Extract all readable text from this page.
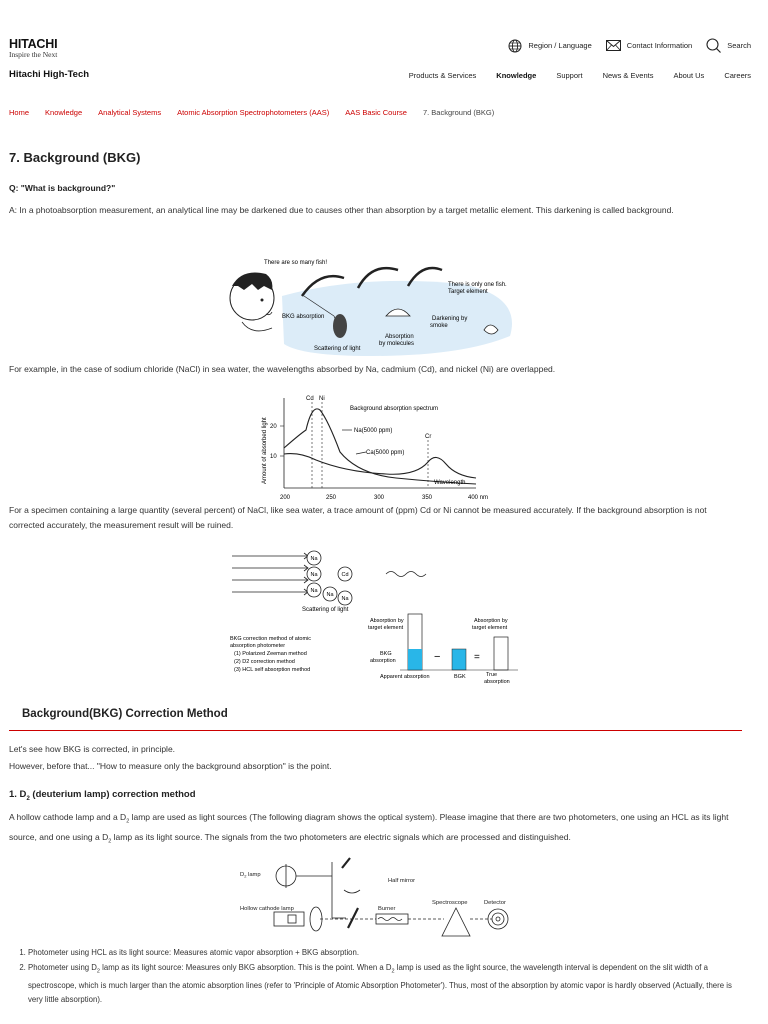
HITACHI
Inspire the Next
Hitachi High-Tech
Region / Language	Contact Information	Search
Products & Services	Knowledge	Support	News & Events	About Us	Careers
Home Knowledge Analytical Systems Atomic Absorption Spectrophotometers (AAS) AAS Basic Course 7. Background (BKG)
7. Background (BKG)
Q: "What is background?"
A: In a photoabsorption measurement, an analytical line may be darkened due to causes other than absorption by a target metallic element. This darkening is called background.
There are so many fish!
There is only one fish.
Target element
BKG absorption	Darkening by
smoke
Absorption
by molecules
Scattering of light
For example, in the case of sodium chloride (NaCl) in sea water, the wavelengths absorbed by Na, cadmium (Cd), and nickel (Ni) are overlapped.
20
10
Amount of absorbed light
200	250	300	350	400 nm
Cd Ni
Cr
Background absorption spectrum
Na(5000 ppm)
Ca(5000 ppm)
Wavelength
For a specimen containing a large quantity (several percent) of NaCl, like sea water, a trace amount of (ppm) Cd or Ni cannot be measured accurately. If the background absorption is not corrected accurately, the measurement result will be ruined.
Na
Na	Cd
Na
Na
Na
Scattering of light
BKG correction method of atomic
absorption photometer
(1) Polarized Zeeman method
(2) D2 correction method
(3) HCL self absorption method
Absorption by
target element
Absorption by
target element
BKG
absorption
Apparent absorption	BGK	True
absorption
−	=
Background(BKG) Correction Method
Let's see how BKG is corrected, in principle.
However, before that... "How to measure only the background absorption" is the point.
1. $D_2$ (deuterium lamp) correction method
A hollow cathode lamp and a $D_2$ lamp are used as light sources (The following diagram shows the optical system). Please imagine that there are two photometers, one using an HCL as its light source, and one using a $D_2$ lamp as its light source. The signals from the two photometers are electric signals which are processed and distinguished.
$D_2$ lamp
Half mirror
Hollow cathode lamp	Burner
Spectroscope	Detector
1. Photometer using HCL as its light source: Measures atomic vapor absorption + BKG absorption.
2. Photometer using $D_2$ lamp as its light source: Measures only BKG absorption. This is the point. When a $D_2$ lamp is used as the light source, the wavelength interval is dependent on the slit width of a spectroscope, which is much larger than the atomic absorption lines (refer to 'Principle of Atomic Absorption Photometer'). Thus, most of the absorption by atomic vapor is hardly observed (Actually, there is very little absorption).
